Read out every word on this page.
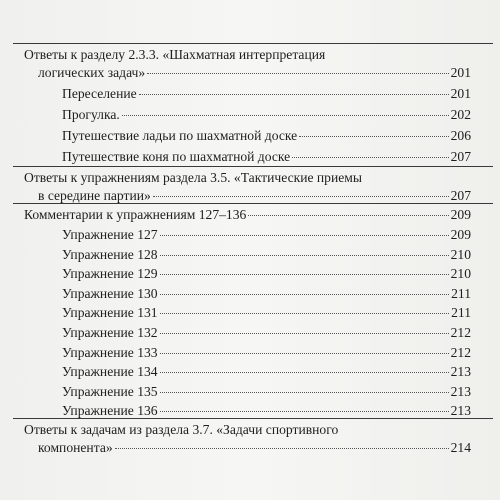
Ответы к разделу 2.3.3. «Шахматная интерпретация
логических задач»	201
Переселение	201
Прогулка.	202
Путешествие ладьи по шахматной доске	206
Путешествие коня по шахматной доске	207
Ответы к упражнениям раздела 3.5. «Тактические приемы
в середине партии»	207
Комментарии к упражнениям 127–136	209
Упражнение 127	209
Упражнение 128	210
Упражнение 129	210
Упражнение 130	211
Упражнение 131	211
Упражнение 132	212
Упражнение 133	212
Упражнение 134	213
Упражнение 135	213
Упражнение 136	213
Ответы к задачам из раздела 3.7. «Задачи спортивного
компонента»	214
